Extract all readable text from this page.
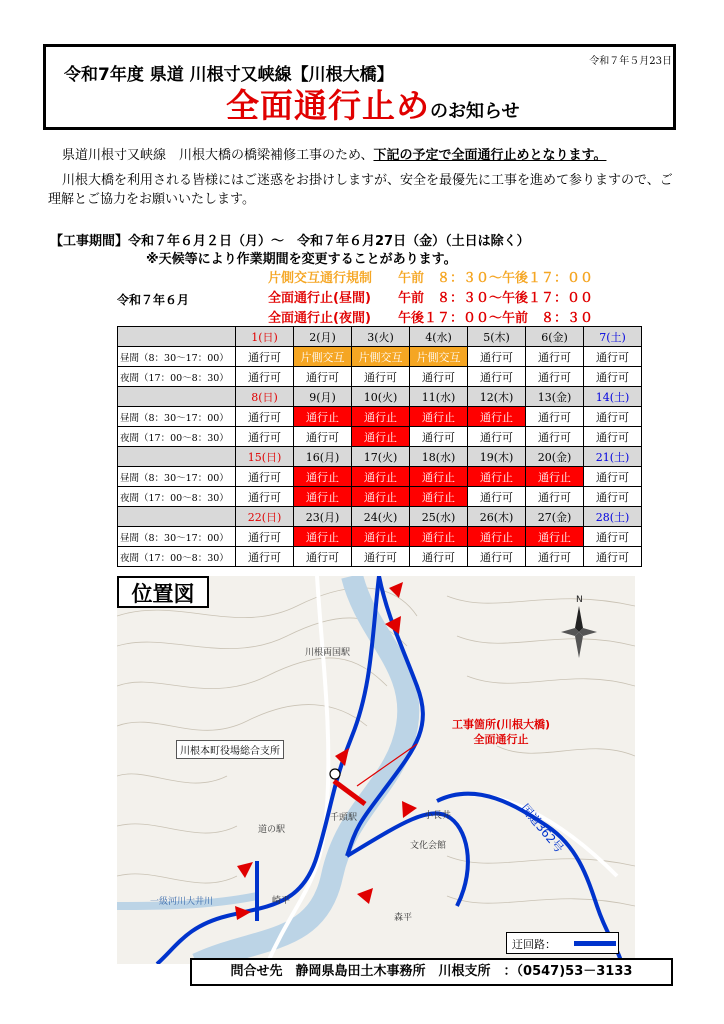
令和7年度 県道 川根寸又峡線【川根大橋】
令和７年５月23日
全面通行止めのお知らせ
県道川根寸又峡線　川根大橋の橋梁補修工事のため、下記の予定で全面通行止めとなります。
川根大橋を利用される皆様にはご迷惑をお掛けしますが、安全を最優先に工事を進めて参りますので、ご理解とご協力をお願いいたします。
【工事期間】令和７年６月２日（月）～　令和７年６月27日（金）（土日は除く）
※天候等により作業期間を変更することがあります。
令和７年６月
片側交互通行規制 午前　８：３０～午後１７：００
全面通行止(昼間) 午前　８：３０～午後１７：００
全面通行止(夜間) 午後１７：００～午前　８：３０
	1(日)	2(月)	3(火)	4(水)	5(木)	6(金)	7(土)
昼間（8：30～17：00）	通行可	片側交互	片側交互	片側交互	通行可	通行可	通行可
夜間（17：00～8：30）	通行可	通行可	通行可	通行可	通行可	通行可	通行可
	8(日)	9(月)	10(火)	11(水)	12(木)	13(金)	14(土)
昼間（8：30～17：00）	通行可	通行止	通行止	通行止	通行止	通行可	通行可
夜間（17：00～8：30）	通行可	通行可	通行止	通行可	通行可	通行可	通行可
	15(日)	16(月)	17(火)	18(水)	19(木)	20(金)	21(土)
昼間（8：30～17：00）	通行可	通行止	通行止	通行止	通行止	通行止	通行可
夜間（17：00～8：30）	通行可	通行止	通行止	通行止	通行可	通行可	通行可
	22(日)	23(月)	24(火)	25(水)	26(木)	27(金)	28(土)
昼間（8：30～17：00）	通行可	通行止	通行止	通行止	通行止	通行止	通行可
夜間（17：00～8：30）	通行可	通行可	通行可	通行可	通行可	通行可	通行可
N
川根両国駅
千頭駅
道の駅
小長井
文化会館
森平
崎平
一級河川大井川
国道362号
位置図
工事箇所(川根大橋)
全面通行止
川根本町役場総合支所
迂回路：
問合せ先　静岡県島田土木事務所　川根支所　：（0547)53－3133
